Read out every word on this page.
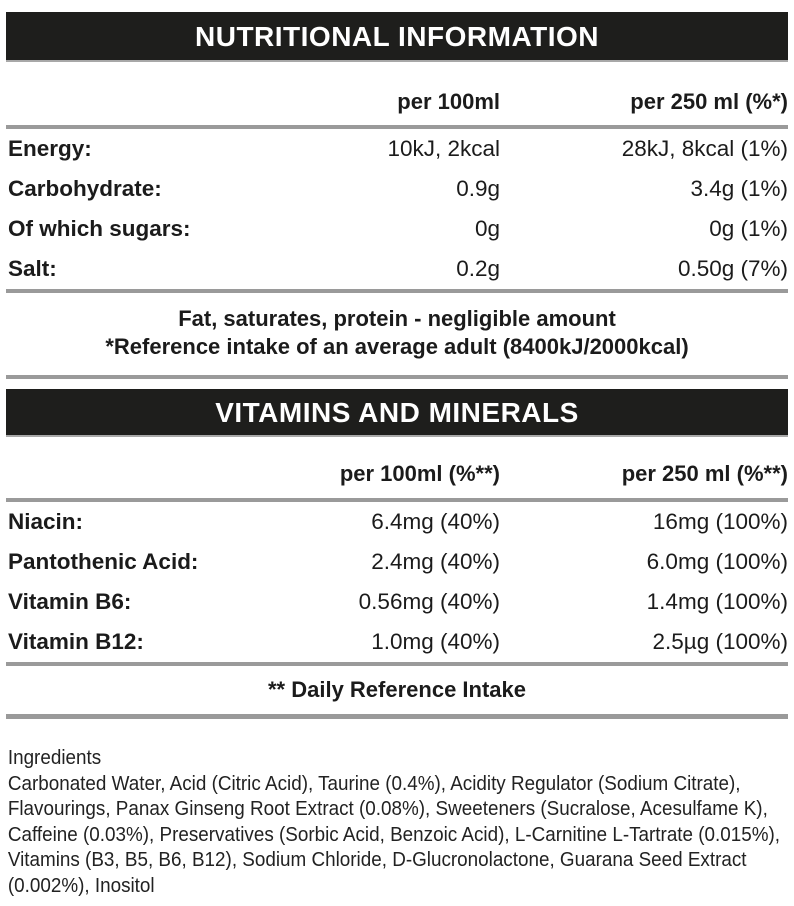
NUTRITIONAL INFORMATION
per 100ml	per 250 ml (%*)
Energy:	10kJ, 2kcal	28kJ, 8kcal (1%)
Carbohydrate:	0.9g	3.4g (1%)
Of which sugars:	0g	0g (1%)
Salt:	0.2g	0.50g (7%)
Fat, saturates, protein - negligible amount
*Reference intake of an average adult (8400kJ/2000kcal)
VITAMINS AND MINERALS
per 100ml (%**)	per 250 ml (%**)
Niacin:	6.4mg (40%)	16mg (100%)
Pantothenic Acid:	2.4mg (40%)	6.0mg (100%)
Vitamin B6:	0.56mg (40%)	1.4mg (100%)
Vitamin B12:	1.0mg (40%)	2.5µg (100%)
** Daily Reference Intake
Ingredients
Carbonated Water, Acid (Citric Acid), Taurine (0.4%), Acidity Regulator (Sodium Citrate), Flavourings, Panax Ginseng Root Extract (0.08%), Sweeteners (Sucralose, Acesulfame K), Caffeine (0.03%), Preservatives (Sorbic Acid, Benzoic Acid), L-Carnitine L-Tartrate (0.015%), Vitamins (B3, B5, B6, B12), Sodium Chloride, D-Glucronolactone, Guarana Seed Extract (0.002%), Inositol
